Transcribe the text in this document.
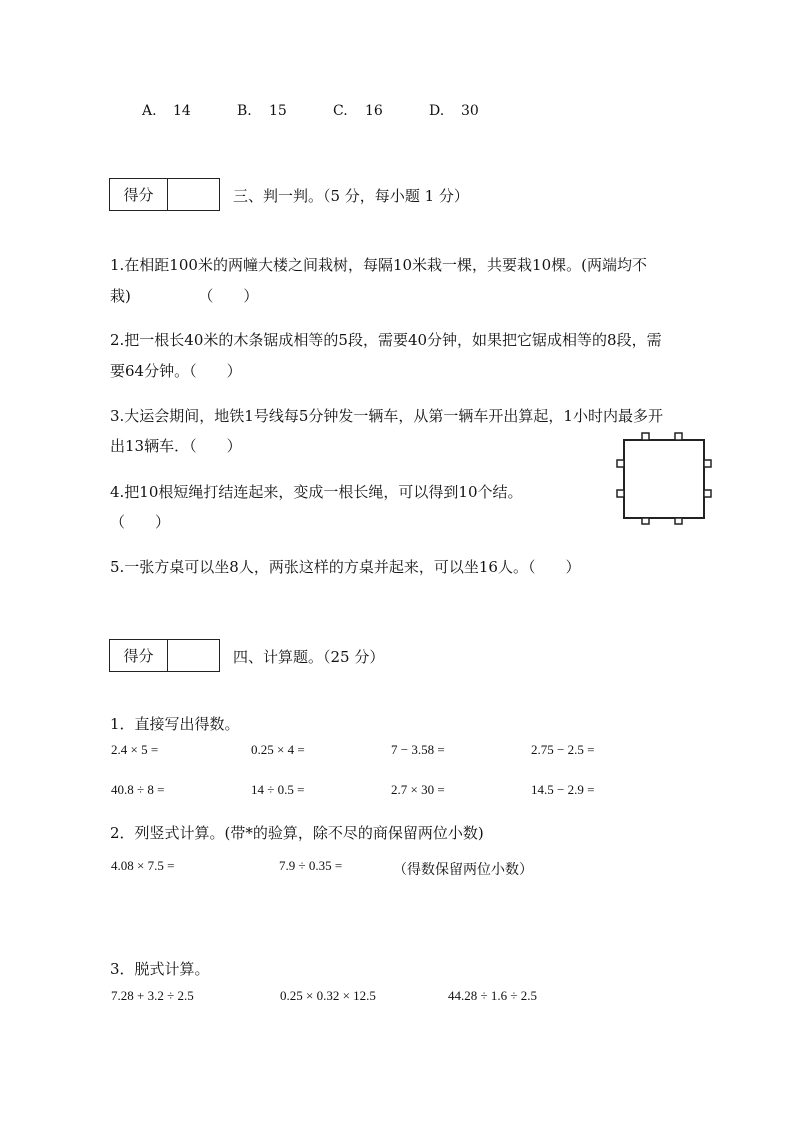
A. 14	B. 15	C. 16	D. 30
得分	三、判一判。（5 分，每小题 1 分）
1.在相距100米的两幢大楼之间栽树，每隔10米栽一棵，共要栽10棵。(两端均不
栽)　　　　　（　　）
2.把一根长40米的木条锯成相等的5段，需要40分钟，如果把它锯成相等的8段，需
要64分钟。（　　）
3.大运会期间，地铁1号线每5分钟发一辆车，从第一辆车开出算起，1小时内最多开
出13辆车．（　　）
4.把10根短绳打结连起来，变成一根长绳，可以得到10个结。
（　　）
5.一张方桌可以坐8人，两张这样的方桌并起来，可以坐16人。（　　）
得分	四、计算题。（25 分）
1．直接写出得数。
2.4 × 5 =	0.25 × 4 =	7 − 3.58 =	2.75 − 2.5 =
40.8 ÷ 8 =	14 ÷ 0.5 =	2.7 × 30 =	14.5 − 2.9 =
2．列竖式计算。(带*的验算，除不尽的商保留两位小数)
4.08 × 7.5 =	7.9 ÷ 0.35 =	（得数保留两位小数）
3．脱式计算。
7.28 + 3.2 ÷ 2.5	0.25 × 0.32 × 12.5	44.28 ÷ 1.6 ÷ 2.5
